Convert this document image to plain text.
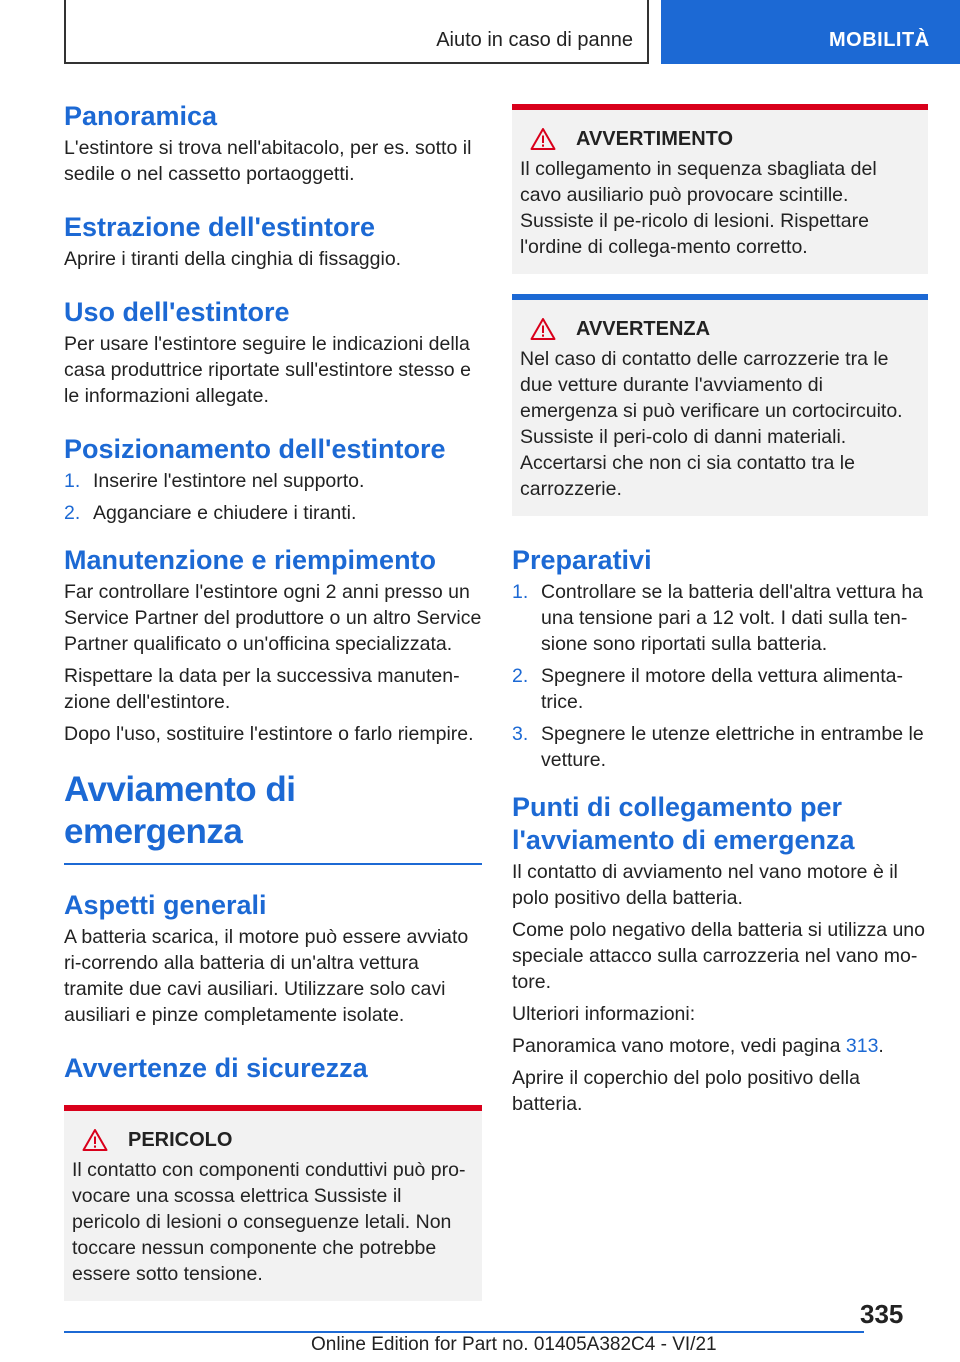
Aiuto in caso di panne	MOBILITÀ
Panoramica
L'estintore si trova nell'abitacolo, per es. sotto il sedile o nel cassetto portaoggetti.
Estrazione dell'estintore
Aprire i tiranti della cinghia di fissaggio.
Uso dell'estintore
Per usare l'estintore seguire le indicazioni della casa produttrice riportate sull'estintore stesso e le informazioni allegate.
Posizionamento dell'estintore
1. Inserire l'estintore nel supporto.
2. Agganciare e chiudere i tiranti.
Manutenzione e riempimento
Far controllare l'estintore ogni 2 anni presso un Service Partner del produttore o un altro Service Partner qualificato o un'officina specializzata.
Rispettare la data per la successiva manuten‐zione dell'estintore.
Dopo l'uso, sostituire l'estintore o farlo riempire.
Avviamento di emergenza
Aspetti generali
A batteria scarica, il motore può essere avviato ri‐correndo alla batteria di un'altra vettura tramite due cavi ausiliari. Utilizzare solo cavi ausiliari e pinze completamente isolate.
Avvertenze di sicurezza
PERICOLO
Il contatto con componenti conduttivi può pro‐vocare una scossa elettrica Sussiste il pericolo di lesioni o conseguenze letali. Non toccare nessun componente che potrebbe essere sotto tensione.
AVVERTIMENTO
Il collegamento in sequenza sbagliata del cavo ausiliario può provocare scintille. Sussiste il pe‐ricolo di lesioni. Rispettare l'ordine di collega‐mento corretto.
AVVERTENZA
Nel caso di contatto delle carrozzerie tra le due vetture durante l'avviamento di emergenza si può verificare un cortocircuito. Sussiste il peri‐colo di danni materiali. Accertarsi che non ci sia contatto tra le carrozzerie.
Preparativi
1. Controllare se la batteria dell'altra vettura ha una tensione pari a 12 volt. I dati sulla ten‐sione sono riportati sulla batteria.
2. Spegnere il motore della vettura alimenta‐trice.
3. Spegnere le utenze elettriche in entrambe le vetture.
Punti di collegamento per l'avviamento di emergenza
Il contatto di avviamento nel vano motore è il polo positivo della batteria.
Come polo negativo della batteria si utilizza uno speciale attacco sulla carrozzeria nel vano mo‐tore.
Ulteriori informazioni:
Panoramica vano motore, vedi pagina 313.
Aprire il coperchio del polo positivo della batteria.
335
Online Edition for Part no. 01405A382C4 - VI/21
